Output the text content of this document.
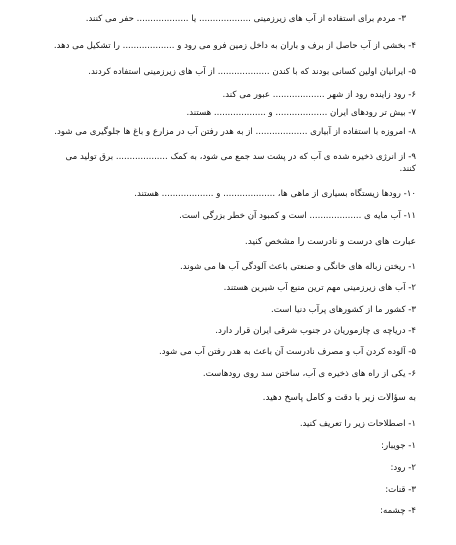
۳- مردم برای استفاده از آب های زیرزمینی ................... یا ................... حفر می کنند.
۴- بخشی از آب حاصل از برف و باران به داخل زمین فرو می رود و ................... را تشکیل می دهد.
۵- ایرانیان اولین کسانی بودند که با کندن ................... از آب های زیرزمینی استفاده کردند.
۶- رود زاینده رود از شهر ................... عبور می کند.
۷- بیش تر رودهای ایران ................... و ................... هستند.
۸- امروزه با استفاده از آبیاری ................... از به هدر رفتن آب در مزارع و باغ ها جلوگیری می شود.
۹- از انرژی ذخیره شده ی آب که در پشت سد جمع می شود، به کمک ................... برق تولید می
کنند.
۱۰- رودها زیستگاه بسیاری از ماهی ها، ................... و ................... هستند.
۱۱- آب مایه ی ................... است و کمبود آن خطر بزرگی است.
عبارت های درست و نادرست را مشخص کنید.
۱- ریختن زباله های خانگی و صنعتی باعث آلودگی آب ها می شوند.
۲- آب های زیرزمینی مهم ترین منبع آب شیرین هستند.
۳- کشور ما از کشورهای پرآب دنیا است.
۴- دریاچه ی چازموریان در جنوب شرقی ایران قرار دارد.
۵- آلوده کردن آب و مصرف نادرست آن باعث به هدر رفتن آب می شود.
۶- یکی از راه های ذخیره ی آب، ساختن سد روی رودهاست.
به سؤالات زیر با دقت و کامل پاسخ دهید.
۱- اصطلاحات زیر را تعریف کنید.
۱- جویبار:
۲- رود:
۳- قنات:
۴- چشمه:
